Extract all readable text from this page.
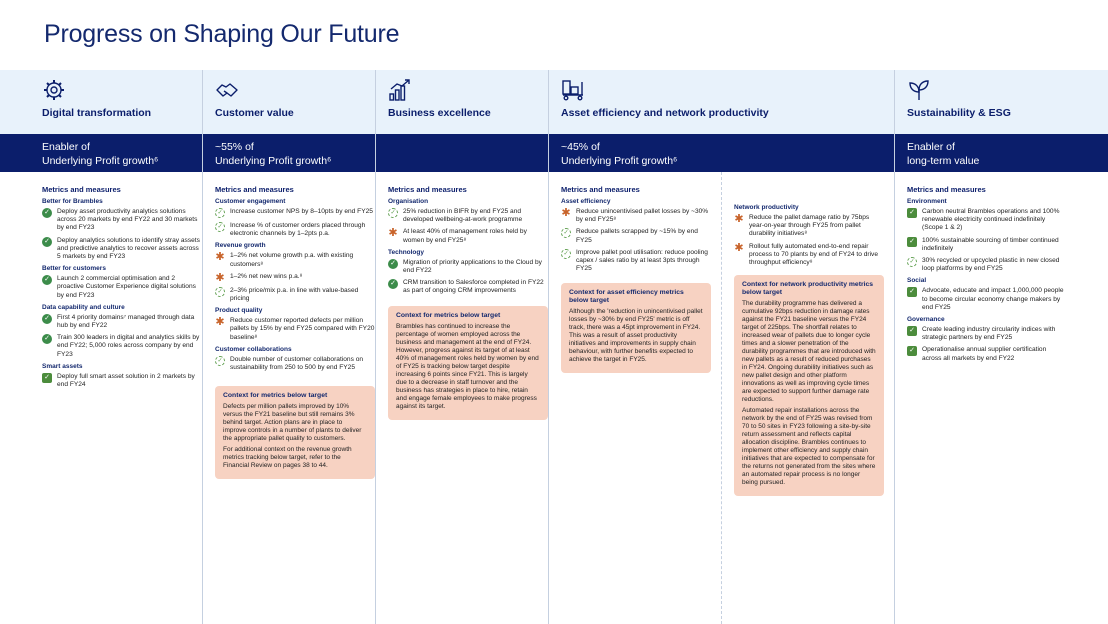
Progress on Shaping Our Future
Digital transformation
Enabler of
Underlying Profit growth⁶
Metrics and measures
Better for Brambles
✓	Deploy asset productivity analytics solutions across 20 markets by end FY22 and 30 markets by end FY23
✓	Deploy analytics solutions to identify stray assets and predictive analytics to recover assets across 5 markets by end FY23
Better for customers
✓	Launch 2 commercial optimisation and 2 proactive Customer Experience digital solutions by end FY23
Data capability and culture
✓	First 4 priority domains⁷ managed through data hub by end FY22
✓	Train 300 leaders in digital and analytics skills by end FY22; 5,000 roles across company by end FY23
Smart assets
✓	Deploy full smart asset solution in 2 markets by end FY24
Customer value
~55% of
Underlying Profit growth⁶
Metrics and measures
Customer engagement
✓	Increase customer NPS by 8–10pts by end FY25
✓	Increase % of customer orders placed through electronic channels by 1–2pts p.a.
Revenue growth
✱ 1–2% net volume growth p.a. with existing customers⁸
✱ 1–2% net new wins p.a.⁸
✓	2–3% price/mix p.a. in line with value-based pricing
Product quality
✱ Reduce customer reported defects per million pallets by 15% by end FY25 compared with FY20 baseline⁸
Customer collaborations
✓	Double number of customer collaborations on sustainability from 250 to 500 by end FY25
Context for metrics below target

Defects per million pallets improved by 10% versus the FY21 baseline but still remains 3% behind target. Action plans are in place to improve controls in a number of plants to deliver the appropriate pallet quality to customers.

For additional context on the revenue growth metrics tracking below target, refer to the Financial Review on pages 38 to 44.

Business excellence
Metrics and measures
Organisation
✓	25% reduction in BIFR by end FY25 and developed wellbeing-at-work programme
✱ At least 40% of management roles held by women by end FY25⁸
Technology
✓	Migration of priority applications to the Cloud by end FY22
✓	CRM transition to Salesforce completed in FY22 as part of ongoing CRM improvements
Context for metrics below target

Brambles has continued to increase the percentage of women employed across the business and management at the end of FY24. However, progress against its target of at least 40% of management roles held by women by end of FY25 is tracking below target despite increasing 6 points since FY21. This is largely due to a decrease in staff turnover and the business has strategies in place to hire, retain and engage female employees to make progress against its target.

Asset efficiency and network productivity
~45% of
Underlying Profit growth⁶
Metrics and measures
Asset efficiency
✱ Reduce unincentivised pallet losses by ~30% by end FY25⁸
✓	Reduce pallets scrapped by ~15% by end FY25
✓	Improve pallet pool utilisation: reduce pooling capex / sales ratio by at least 3pts through FY25
Context for asset efficiency metrics below target

Although the 'reduction in unincentivised pallet losses by ~30% by end FY25' metric is off track, there was a 45pt improvement in FY24. This was a result of asset productivity initiatives and improvements in supply chain behaviour, with further benefits expected to achieve the target in FY25.

Network productivity
✱ Reduce the pallet damage ratio by 75bps year-on-year through FY25 from pallet durability initiatives⁸
✱ Rollout fully automated end-to-end repair process to 70 plants by end of FY24 to drive throughput efficiency⁸
Context for network productivity metrics below target

The durability programme has delivered a cumulative 92bps reduction in damage rates against the FY21 baseline versus the FY24 target of 225bps. The shortfall relates to increased wear of pallets due to longer cycle times and a slower penetration of the durability programmes that are introduced with new pallets as a result of reduced purchases in FY24. Ongoing durability initiatives such as new pallet design and other platform innovations as well as improving cycle times are expected to support further damage rate reductions.

Automated repair installations across the network by the end of FY25 was revised from 70 to 50 sites in FY23 following a site-by-site return assessment and reflects capital allocation discipline. Brambles continues to implement other efficiency and supply chain initiatives that are expected to compensate for the returns not generated from the sites where an automated repair process is no longer being pursued.

Sustainability & ESG
Enabler of
long-term value
Metrics and measures
Environment
✓	Carbon neutral Brambles operations and 100% renewable electricity continued indefinitely (Scope 1 & 2)
✓	100% sustainable sourcing of timber continued indefinitely
✓	30% recycled or upcycled plastic in new closed loop platforms by end FY25
Social
✓	Advocate, educate and impact 1,000,000 people to become circular economy change makers by end FY25
Governance
✓	Create leading industry circularity indices with strategic partners by end FY25
✓	Operationalise annual supplier certification across all markets by end FY22
